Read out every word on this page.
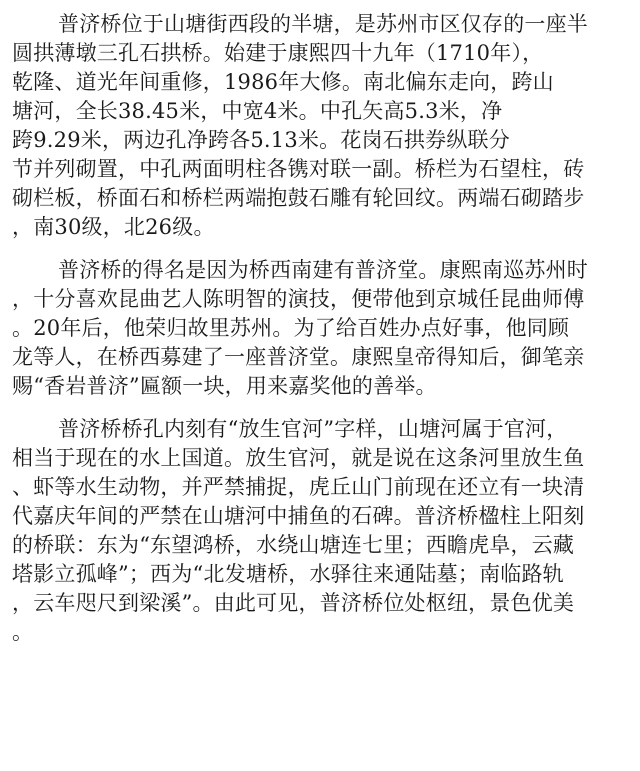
普济桥位于山塘街西段的半塘，是苏州市区仅存的一座半
圆拱薄墩三孔石拱桥。始建于康熙四十九年（1710年），
乾隆、道光年间重修，1986年大修。南北偏东走向，跨山
塘河，全长38.45米，中宽4米。中孔矢高5.3米，净
跨9.29米，两边孔净跨各5.13米。花岗石拱券纵联分
节并列砌置，中孔两面明柱各镌对联一副。桥栏为石望柱，砖
砌栏板，桥面石和桥栏两端抱鼓石雕有轮回纹。两端石砌踏步
，南30级，北26级。
普济桥的得名是因为桥西南建有普济堂。康熙南巡苏州时
，十分喜欢昆曲艺人陈明智的演技，便带他到京城任昆曲师傅
。20年后，他荣归故里苏州。为了给百姓办点好事，他同顾
龙等人，在桥西募建了一座普济堂。康熙皇帝得知后，御笔亲
赐“香岩普济”匾额一块，用来嘉奖他的善举。
普济桥桥孔内刻有“放生官河”字样，山塘河属于官河，
相当于现在的水上国道。放生官河，就是说在这条河里放生鱼
、虾等水生动物，并严禁捕捉，虎丘山门前现在还立有一块清
代嘉庆年间的严禁在山塘河中捕鱼的石碑。普济桥楹柱上阳刻
的桥联：东为“东望鸿桥，水绕山塘连七里；西瞻虎阜，云藏
塔影立孤峰”；西为“北发塘桥，水驿往来通陆墓；南临路轨
，云车咫尺到梁溪”。由此可见，普济桥位处枢纽，景色优美
。
